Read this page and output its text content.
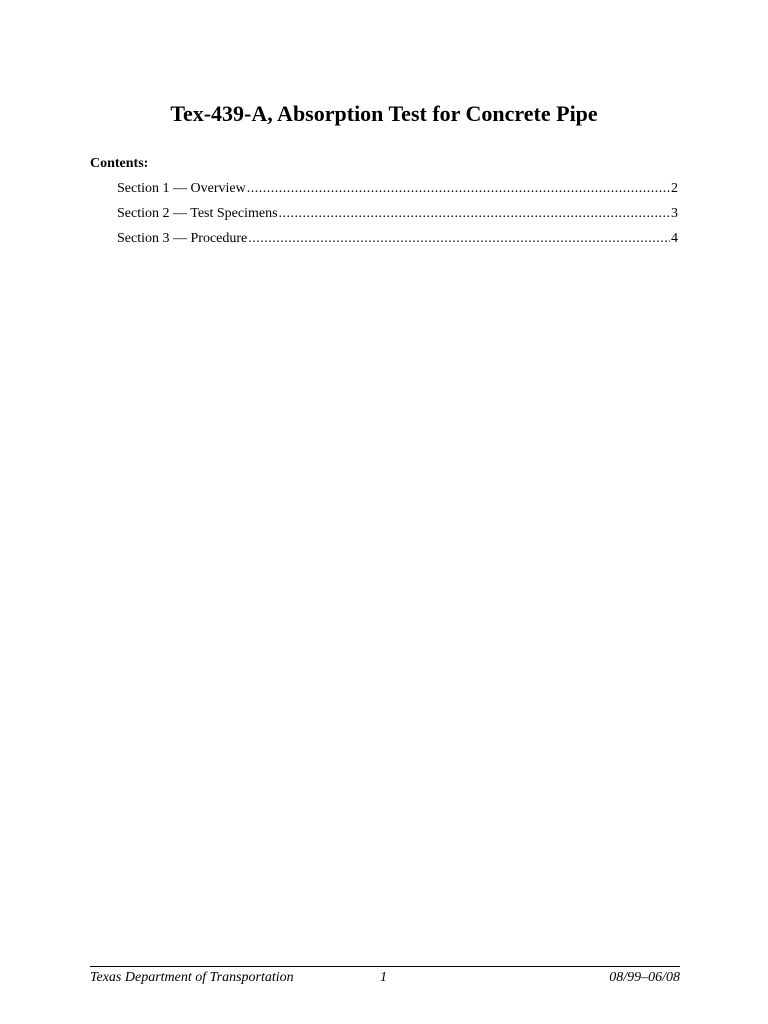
Tex-439-A, Absorption Test for Concrete Pipe
Contents:
Section 1 — Overview .....	2
Section 2 — Test Specimens .....	3
Section 3 — Procedure .....	4
Texas Department of Transportation	1	08/99–06/08
